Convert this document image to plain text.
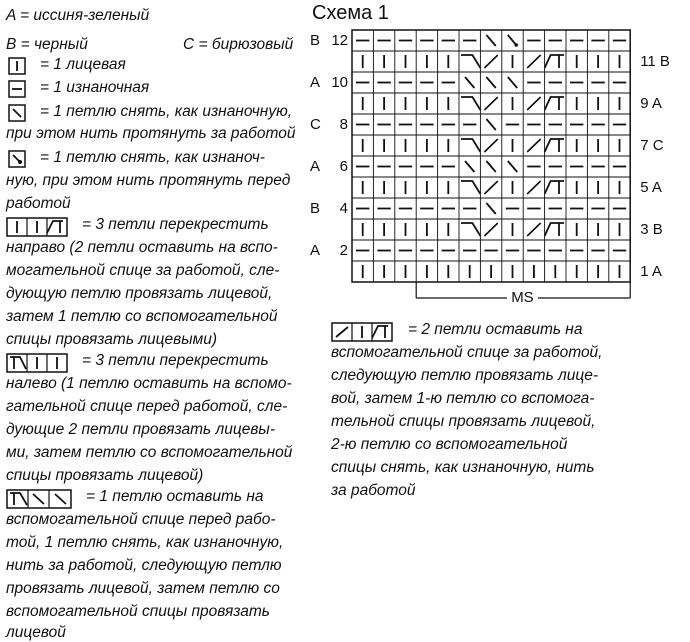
A = иссиня-зеленый
B = черный	C = бирюзовый
= 1 лицевая
= 1 изнаночная
= 1 петлю снять, как изнаночную,
при этом нить протянуть за работой
= 1 петлю снять, как изнаноч-
ную, при этом нить протянуть перед
работой
= 3 петли перекрестить
направо (2 петли оставить на вспо-
могательной спице за работой, сле-
дующую петлю провязать лицевой,
затем 1 петлю со вспомогательной
спицы провязать лицевыми)
= 3 петли перекрестить
налево (1 петлю оставить на вспомо-
гательной спице перед работой, сле-
дующие 2 петли провязать лицевы-
ми, затем петлю со вспомогательной
спицы провязать лицевой)
= 1 петлю оставить на
вспомогательной спице перед рабо-
той, 1 петлю снять, как изнаночную,
нить за работой, следующую петлю
провязать лицевой, затем петлю со
вспомогательной спицы провязать
лицевой
= 2 петли оставить на
вспомогательной спице за работой,
следующую петлю провязать лице-
вой, затем 1-ю петлю со вспомога-
тельной спицы провязать лицевой,
2-ю петлю со вспомогательной
спицы снять, как изнаночную, нить
за работой
Схема 1
B 12
A 10
C 8
A 6
B 4
A 2
11 B
9 A
7 C
5 A
3 B
1 A
MS
